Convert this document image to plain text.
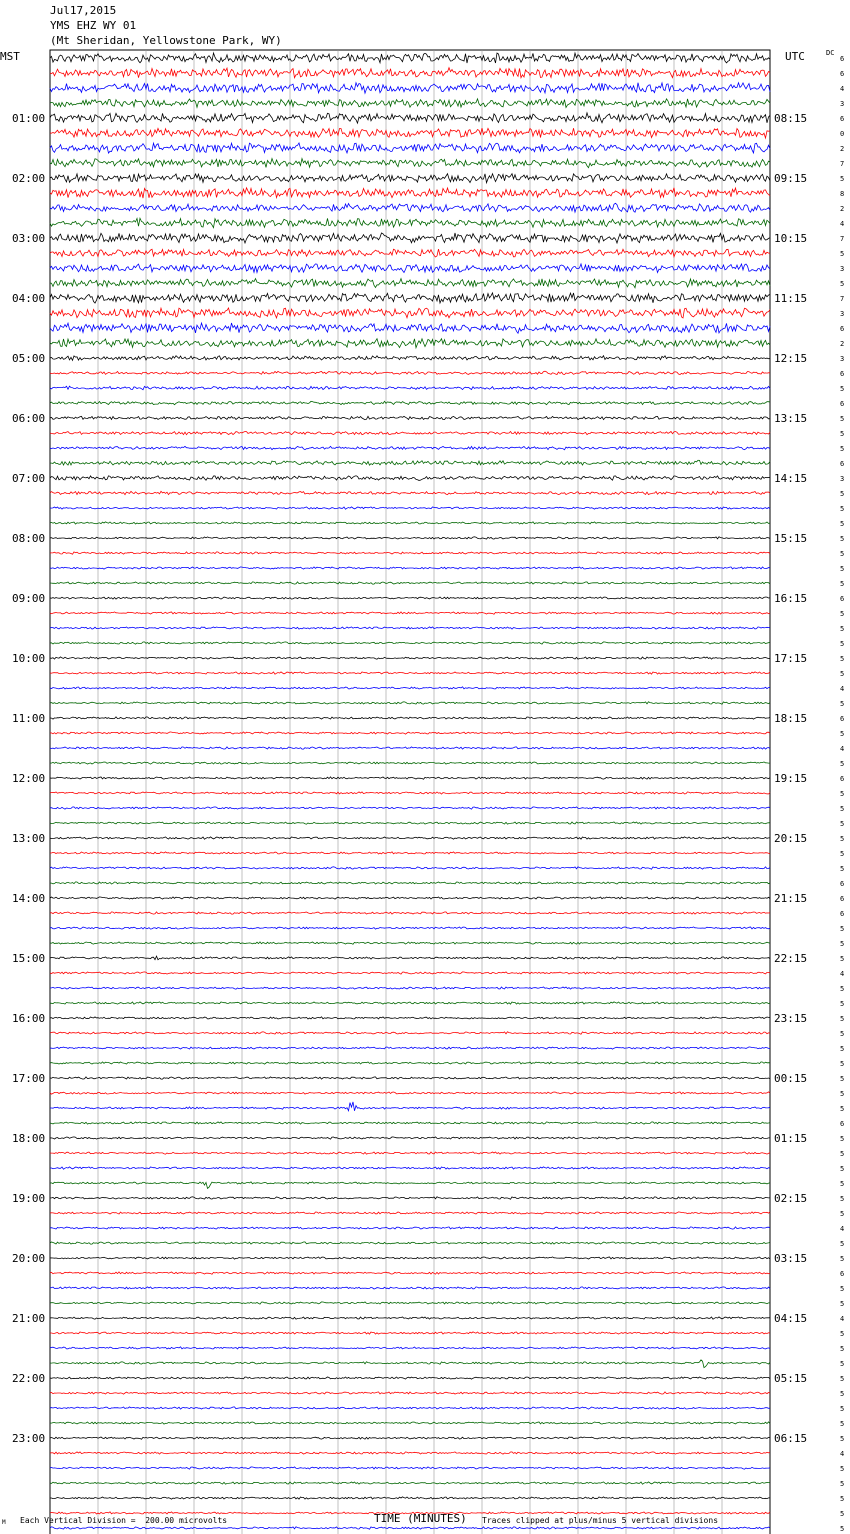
Jul17,2015
YMS EHZ WY 01
(Mt Sheridan, Yellowstone Park, WY)
MST	UTC	DC
01:00	08:15
02:00	09:15
03:00	10:15
04:00	11:15
05:00	12:15
06:00	13:15
07:00	14:15
08:00	15:15
09:00	16:15
10:00	17:15
11:00	18:15
12:00	19:15
13:00	20:15
14:00	21:15
15:00	22:15
16:00	23:15
17:00	00:15
18:00	01:15
19:00	02:15
20:00	03:15
21:00	04:15
22:00	05:15
23:00	06:15
6
6
4
3
6
0
2
7
5
8
2
4
7
5
3
5
7
3
6
2
3
6
5
6
5
5
5
6
3
5
5
5
5
5
5
5
6
5
5
5
5
5
4
5
6
5
4
5
6
5
5
5
5
5
5
6
6
6
5
5
5
4
5
5
5
5
5
5
5
5
5
6
5
5
5
5
5
5
4
5
5
6
5
5
4
5
5
5
5
5
5
5
5
4
5
5
5
5
5
TIME (MINUTES)
Each Vertical Division =  200.00 microvolts	Traces clipped at plus/minus 5 vertical divisions
M
